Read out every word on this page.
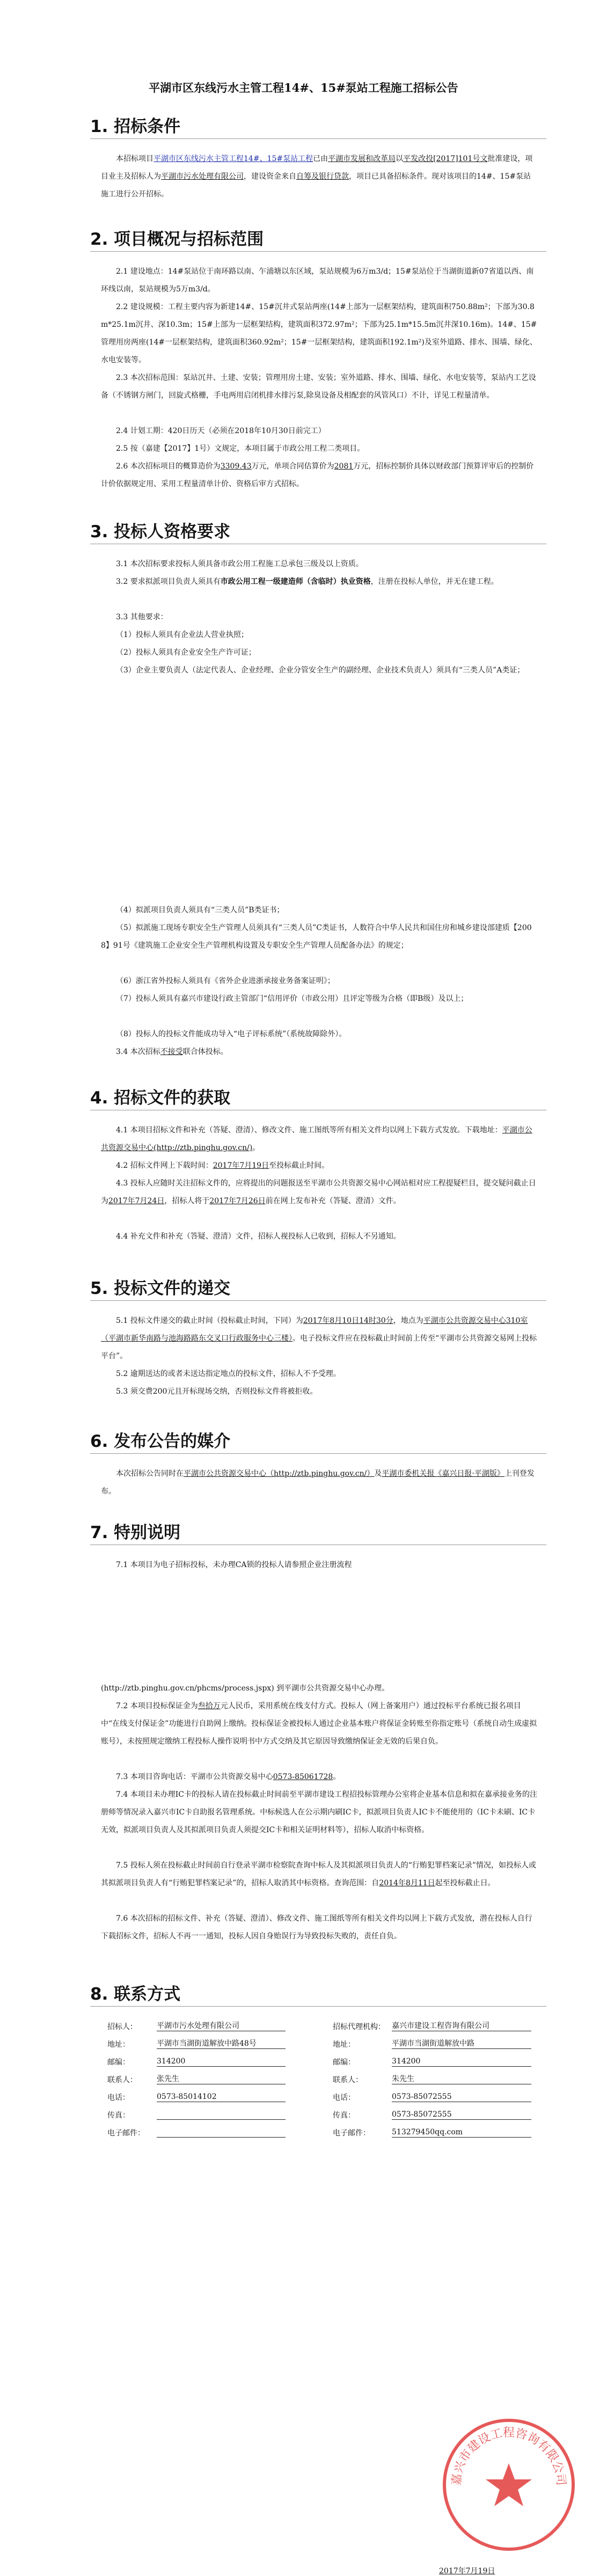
平湖市区东线污水主管工程14#、15#泵站工程施工招标公告
1. 招标条件
本招标项目平湖市区东线污水主管工程14#、15#泵站工程已由平湖市发展和改革局以平发改投[2017]101号文批准建设，项目业主及招标人为平湖市污水处理有限公司，建设资金来自自筹及银行贷款，项目已具备招标条件。现对该项目的14#、15#泵站施工进行公开招标。
2. 项目概况与招标范围
2.1 建设地点：14#泵站位于南环路以南、乍浦塘以东区域，泵站规模为6万m3/d；15#泵站位于当湖街道新07省道以西、南环线以南，泵站规模为5万m3/d。
2.2 建设规模：工程主要内容为新建14#、15#沉井式泵站两座(14#上部为一层框架结构，建筑面积750.88m²；下部为30.8m*25.1m沉井、深10.3m；15#上部为一层框架结构，建筑面积372.97m²；下部为25.1m*15.5m沉井深10.16m)。14#、15#管理用房两座(14#一层框架结构，建筑面积360.92m²；15#一层框架结构，建筑面积192.1m²)及室外道路、排水、围墙、绿化、水电安装等。
2.3 本次招标范围：泵站沉井、土建、安装；管理用房土建、安装；室外道路、排水、围墙、绿化、水电安装等，泵站内工艺设备（不锈钢方闸门，回旋式格栅，手电两用启闭机排水排污泵,除臭设备及相配套的风管风口）不计，详见工程量清单。
2.4 计划工期：420日历天（必须在2018年10月30日前完工）
2.5 按（嘉建【2017】1号）文规定，本项目属于市政公用工程二类项目。
2.6 本次招标项目的概算造价为3309.43万元，单项合同估算价为2081万元，招标控制价具体以财政部门预算评审后的控制价计价依据规定用、采用工程量清单计价、资格后审方式招标。
3. 投标人资格要求
3.1 本次招标要求投标人须具备市政公用工程施工总承包三级及以上资质。
3.2 要求拟派项目负责人须具有市政公用工程一级建造师（含临时）执业资格，注册在投标人单位，并无在建工程。
3.3 其他要求：
（1）投标人须具有企业法人营业执照；
（2）投标人须具有企业安全生产许可证；
（3）企业主要负责人（法定代表人、企业经理、企业分管安全生产的副经理、企业技术负责人）须具有“三类人员”A类证；
（4）拟派项目负责人须具有“三类人员”B类证书；
（5）拟派施工现场专职安全生产管理人员须具有“三类人员”C类证书，人数符合中华人民共和国住房和城乡建设部建质【2008】91号《建筑施工企业安全生产管理机构设置及专职安全生产管理人员配备办法》的规定；
（6）浙江省外投标人须具有《省外企业进浙承接业务备案证明》；
（7）投标人须具有嘉兴市建设行政主管部门“信用评价（市政公用）且评定等级为合格（即B级）及以上；
（8）投标人的投标文件能成功导入“电子评标系统”（系统故障除外）。
3.4 本次招标不接受联合体投标。
4. 招标文件的获取
4.1 本项目招标文件和补充（答疑、澄清）、修改文件、施工图纸等所有相关文件均以网上下载方式发放。下载地址：平湖市公共资源交易中心(http://ztb.pinghu.gov.cn/)。
4.2 招标文件网上下载时间：2017年7月19日至投标截止时间。
4.3 投标人应随时关注招标文件的，应将提出的问题报送至平湖市公共资源交易中心网站相对应工程提疑栏目，提交疑问截止日为2017年7月24日，招标人将于2017年7月26日前在网上发布补充（答疑、澄清）文件。
4.4 补充文件和补充（答疑、澄清）文件，招标人视投标人已收到，招标人不另通知。
5. 投标文件的递交
5.1 投标文件递交的截止时间（投标截止时间，下同）为2017年8月10日14时30分，地点为平湖市公共资源交易中心310室（平湖市新华南路与池海路路东交叉口行政服务中心三楼）。电子投标文件应在投标截止时间前上传至“平湖市公共资源交易网上投标平台”。
5.2 逾期送达的或者未送达指定地点的投标文件，招标人不予受理。
5.3 须交费200元且开标现场交纳，否则投标文件将被拒收。
6. 发布公告的媒介
本次招标公告同时在平湖市公共资源交易中心（http://ztb.pinghu.gov.cn/）及平湖市委机关报《嘉兴日报·平湖版》上刊登发布。
7. 特别说明
7.1 本项目为电子招标投标，未办理CA锁的投标人请参照企业注册流程
(http://ztb.pinghu.gov.cn/phcms/process.jspx) 到平湖市公共资源交易中心办理。
7.2 本项目投标保证金为叁拾万元人民币，采用系统在线支付方式。投标人（网上备案用户）通过投标平台系统已报名项目中“在线支付保证金”功能进行自助网上缴纳。投标保证金被投标人通过企业基本账户将保证金转账至你指定账号（系统自动生成虚拟账号），未按照规定缴纳工程投标人操作说明书中方式交纳及其它原因导致缴纳保证金无效的后果自负。
7.3 本项目咨询电话：平湖市公共资源交易中心0573-85061728。
7.4 本项目未办理IC卡的投标人请在投标截止时间前至平湖市建设工程招投标管理办公室将企业基本信息和拟在嘉承接业务的注册师等情况录入嘉兴市IC卡自助报名管理系统。中标候选人在公示期内刷IC卡，拟派项目负责人IC卡不能使用的（IC卡未刷、IC卡无效，拟派项目负责人及其拟派项目负责人须提交IC卡和相关证明材料等），招标人取消中标资格。
7.5 投标人须在投标截止时间前自行登录平湖市检察院查询中标人及其拟派项目负责人的“行贿犯罪档案记录”情况，如投标人或其拟派项目负责人有“行贿犯罪档案记录”的，招标人取消其中标资格。查询范围：自2014年8月11日起至投标截止日。
7.6 本次招标的招标文件、补充（答疑、澄清）、修改文件、施工图纸等所有相关文件均以网上下载方式发放，潜在投标人自行下载招标文件，招标人不再一一通知，投标人因自身贻误行为导致投标失败的，责任自负。
8. 联系方式
招标人：	平湖市污水处理有限公司
地址：	平湖市当湖街道解放中路48号
邮编：	314200
联系人：	张先生
电话：	0573-85014102
传真：
电子邮件：
招标代理机构： 嘉兴市建设工程咨询有限公司
地址：	平湖市当湖街道解放中路
邮编：	314200
联系人：	朱先生
电话：	0573-85072555
传真：	0573-85072555
电子邮件：	513279450qq.com
嘉兴市建设工程咨询有限公司
2017年7月19日
